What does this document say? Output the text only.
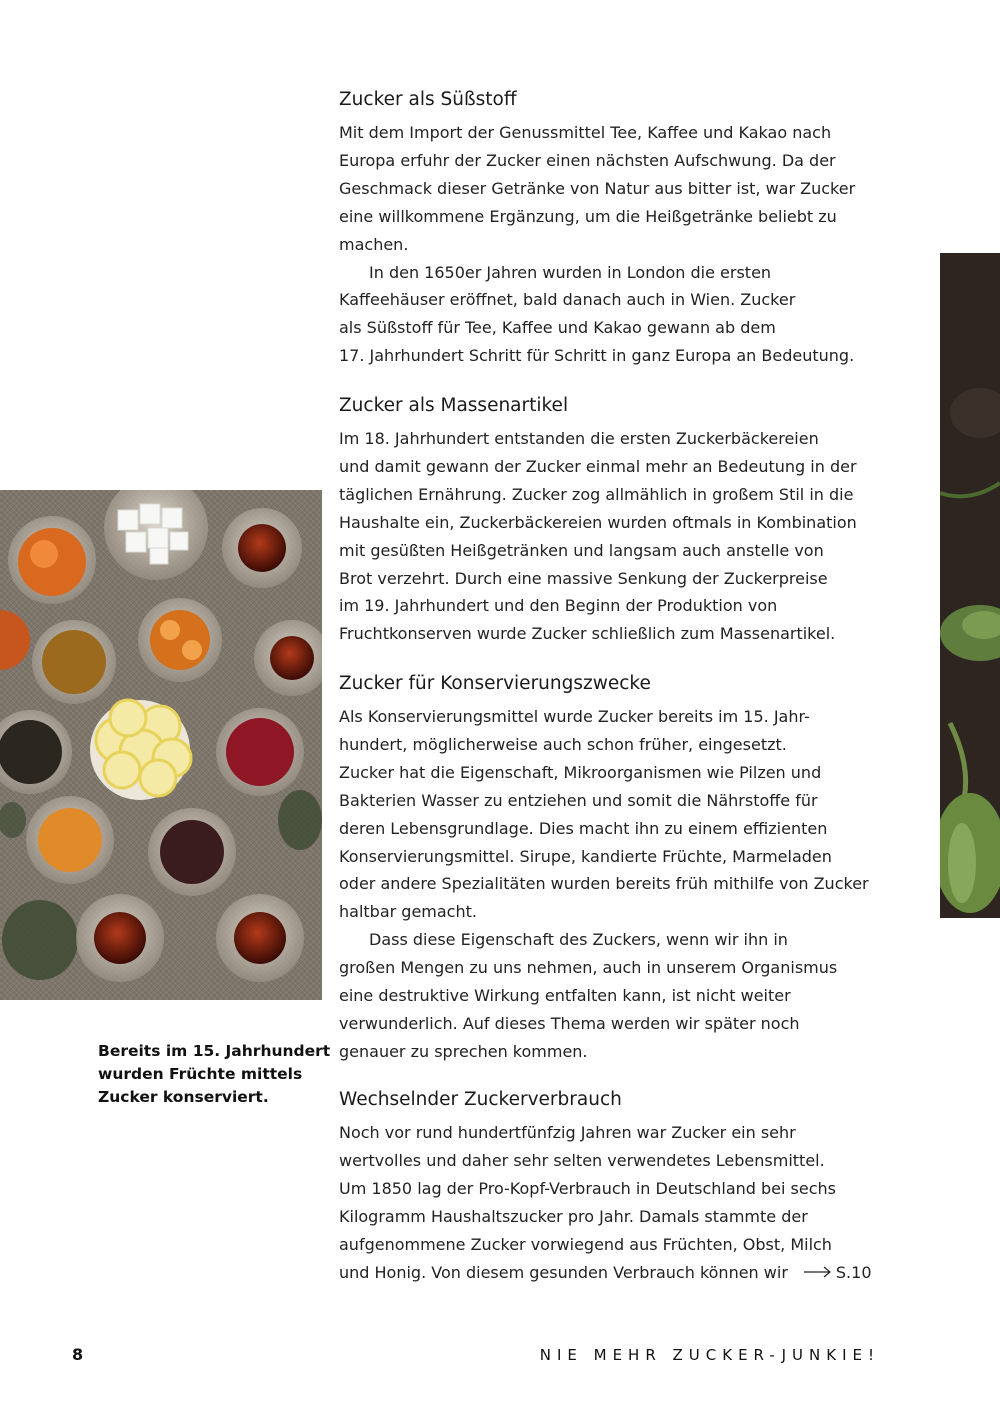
Zucker als Süßstoff

Mit dem Import der Genussmittel Tee, Kaffee und Kakao nach
Europa erfuhr der Zucker einen nächsten Aufschwung. Da der
Geschmack dieser Getränke von Natur aus bitter ist, war Zucker
eine willkommene Ergänzung, um die Heißgetränke beliebt zu
machen.
In den 1650er Jahren wurden in London die ersten
Kaffeehäuser eröffnet, bald danach auch in Wien. Zucker
als Süßstoff für Tee, Kaffee und Kakao gewann ab dem
17. Jahrhundert Schritt für Schritt in ganz Europa an Bedeutung.

Zucker als Massenartikel

Im 18. Jahrhundert entstanden die ersten Zuckerbäckereien
und damit gewann der Zucker einmal mehr an Bedeutung in der
täglichen Ernährung. Zucker zog allmählich in großem Stil in die
Haushalte ein, Zuckerbäckereien wurden oftmals in Kombination
mit gesüßten Heißgetränken und langsam auch anstelle von
Brot verzehrt. Durch eine massive Senkung der Zuckerpreise
im 19. Jahrhundert und den Beginn der Produktion von
Fruchtkonserven wurde Zucker schließlich zum Massenartikel.

Zucker für Konservierungszwecke

Als Konservierungsmittel wurde Zucker bereits im 15. Jahr-
hundert, möglicherweise auch schon früher, eingesetzt.
Zucker hat die Eigenschaft, Mikroorganismen wie Pilzen und
Bakterien Wasser zu entziehen und somit die Nährstoffe für
deren Lebensgrundlage. Dies macht ihn zu einem effizienten
Konservierungsmittel. Sirupe, kandierte Früchte, Marmeladen
oder andere Spezialitäten wurden bereits früh mithilfe von Zucker
haltbar gemacht.
Dass diese Eigenschaft des Zuckers, wenn wir ihn in
großen Mengen zu uns nehmen, auch in unserem Organismus
eine destruktive Wirkung entfalten kann, ist nicht weiter
verwunderlich. Auf dieses Thema werden wir später noch
genauer zu sprechen kommen.

Wechselnder Zuckerverbrauch

Noch vor rund hundertfünfzig Jahren war Zucker ein sehr
wertvolles und daher sehr selten verwendetes Lebensmittel.
Um 1850 lag der Pro-Kopf-Verbrauch in Deutschland bei sechs
Kilogramm Haushaltszucker pro Jahr. Damals stammte der
aufgenommene Zucker vorwiegend aus Früchten, Obst, Milch
und Honig. Von diesem gesunden Verbrauch können wir	S.10

Bereits im 15. Jahrhundert
wurden Früchte mittels
Zucker konserviert.
8	NIE MEHR ZUCKER-JUNKIE!
